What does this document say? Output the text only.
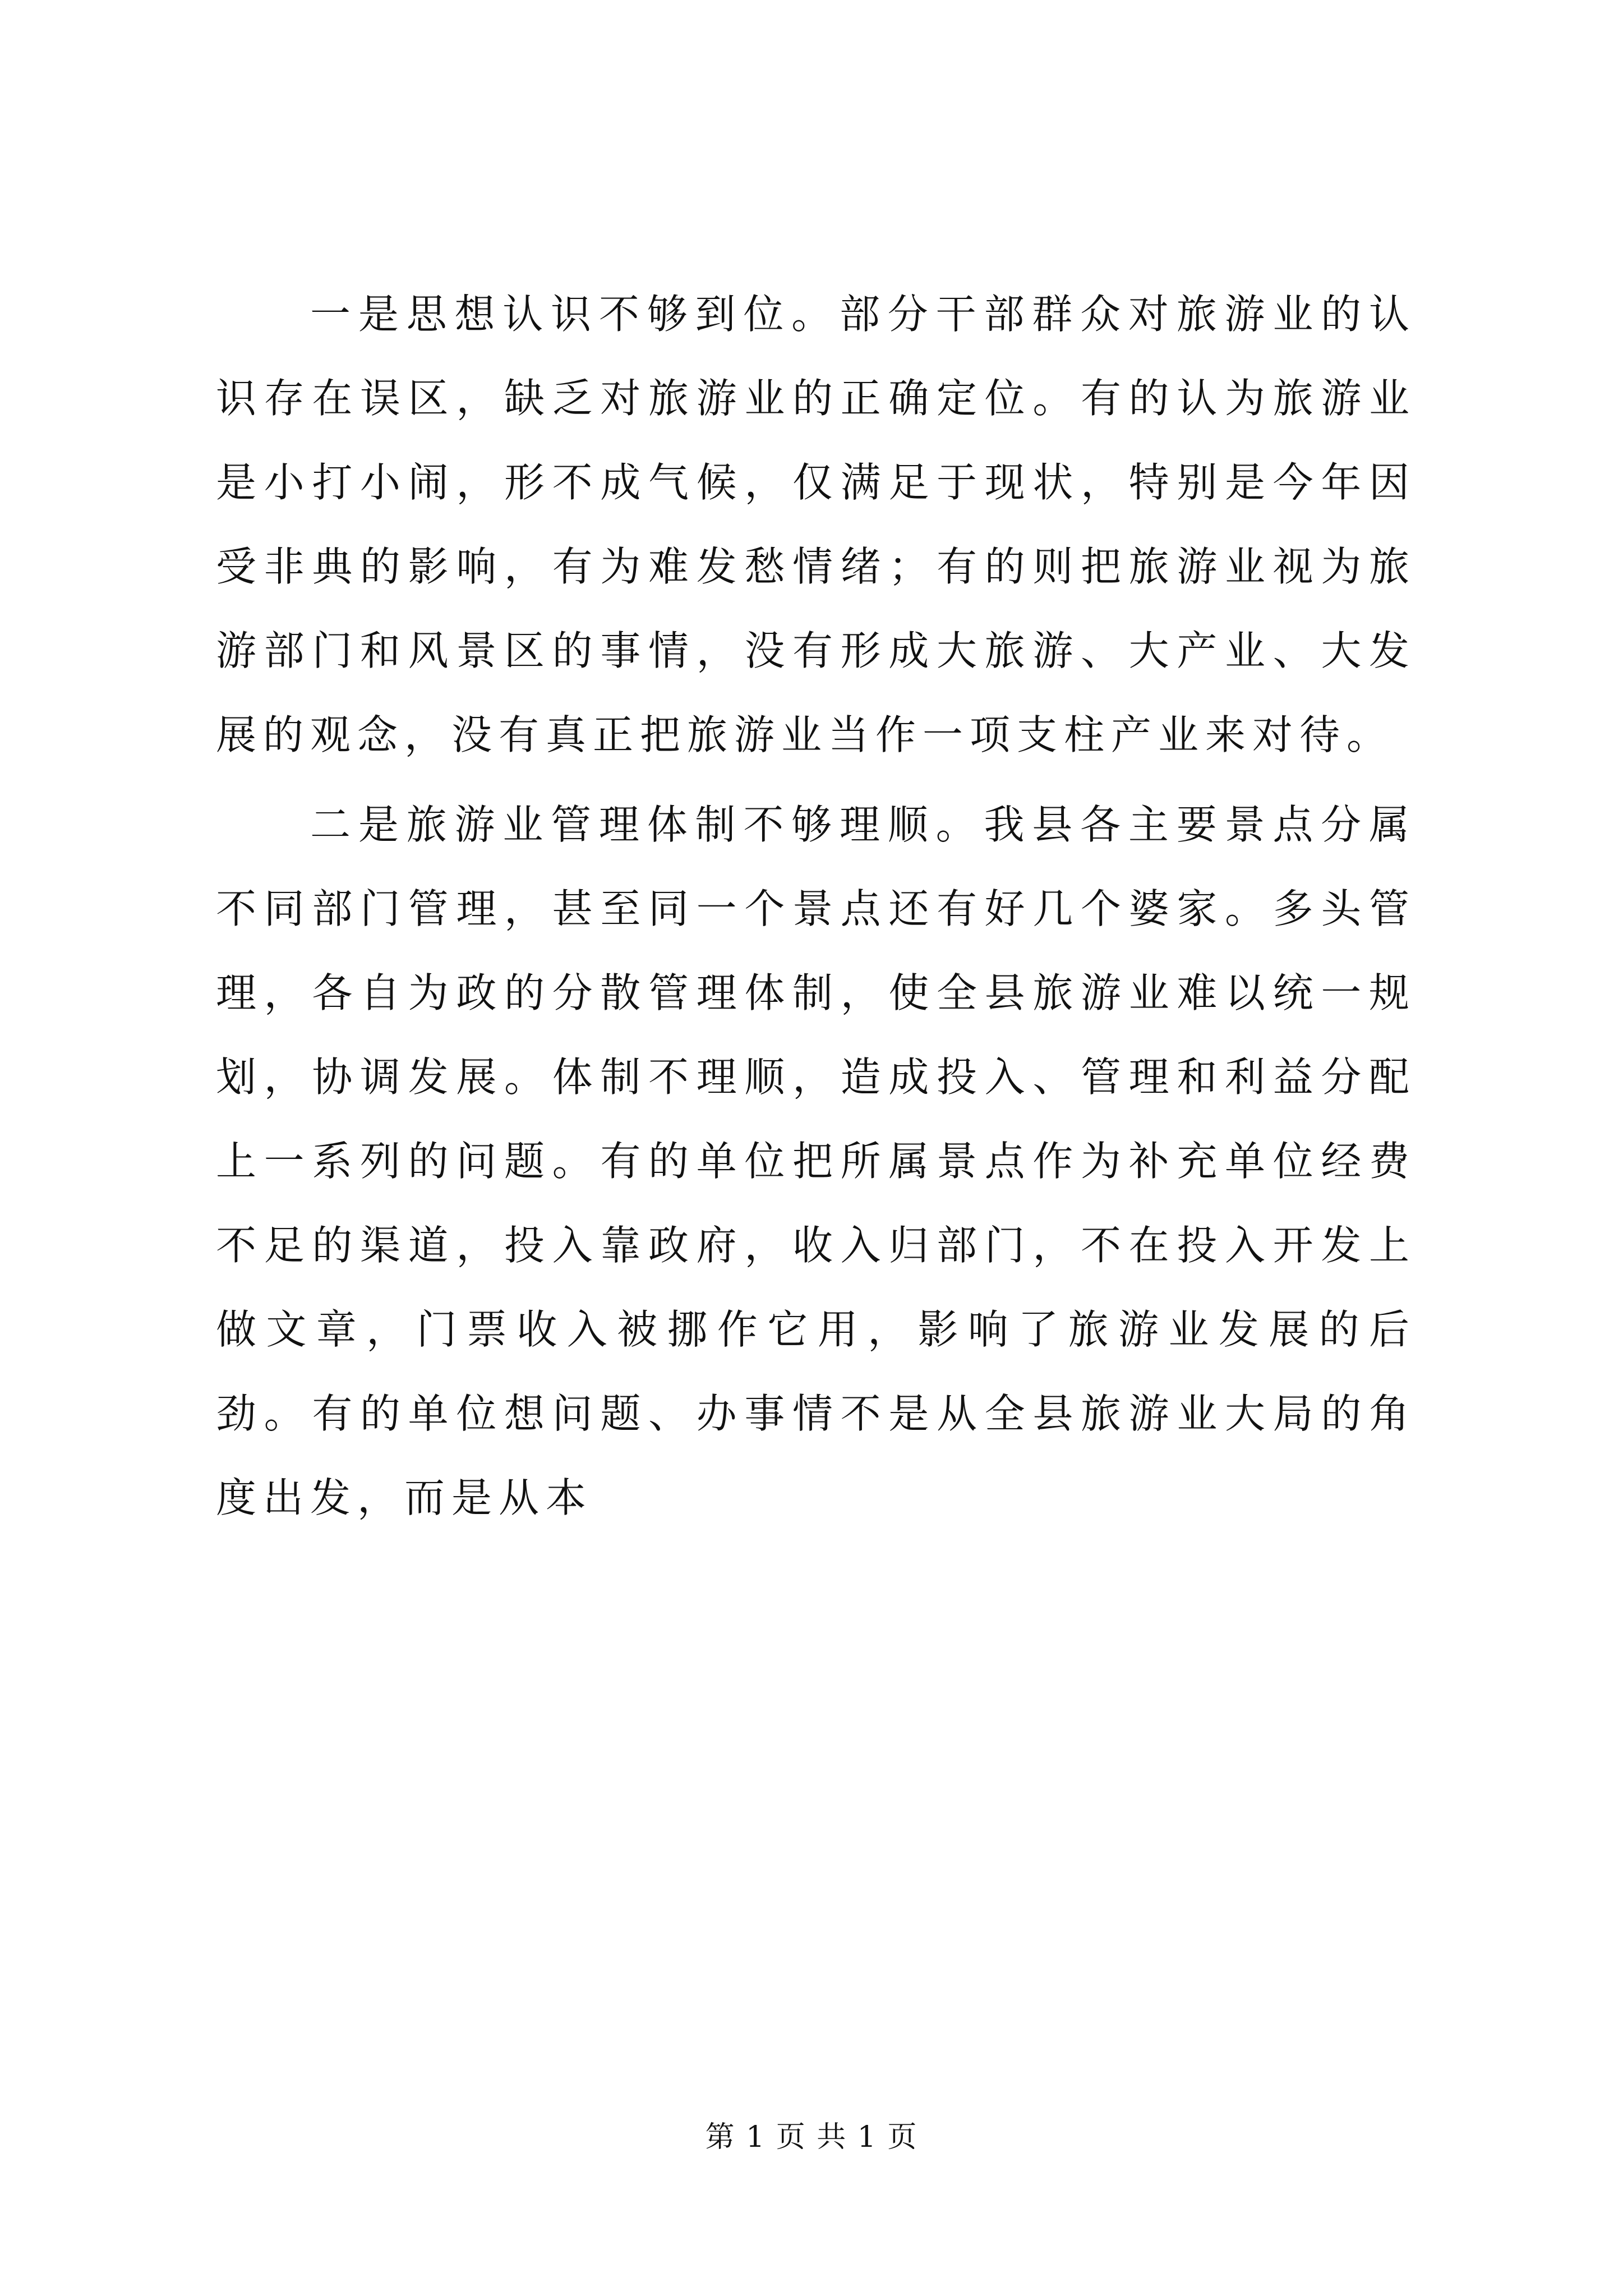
一是思想认识不够到位。部分干部群众对旅游业的认识存在误区，缺乏对旅游业的正确定位。有的认为旅游业是小打小闹，形不成气候，仅满足于现状，特别是今年因受非典的影响，有为难发愁情绪；有的则把旅游业视为旅游部门和风景区的事情，没有形成大旅游、大产业、大发展的观念，没有真正把旅游业当作一项支柱产业来对待。

二是旅游业管理体制不够理顺。我县各主要景点分属不同部门管理，甚至同一个景点还有好几个婆家。多头管理，各自为政的分散管理体制，使全县旅游业难以统一规划，协调发展。体制不理顺，造成投入、管理和利益分配上一系列的问题。有的单位把所属景点作为补充单位经费不足的渠道，投入靠政府，收入归部门，不在投入开发上做文章，门票收入被挪作它用，影响了旅游业发展的后劲。有的单位想问题、办事情不是从全县旅游业大局的角度出发，而是从本

第 1 页 共 1 页
